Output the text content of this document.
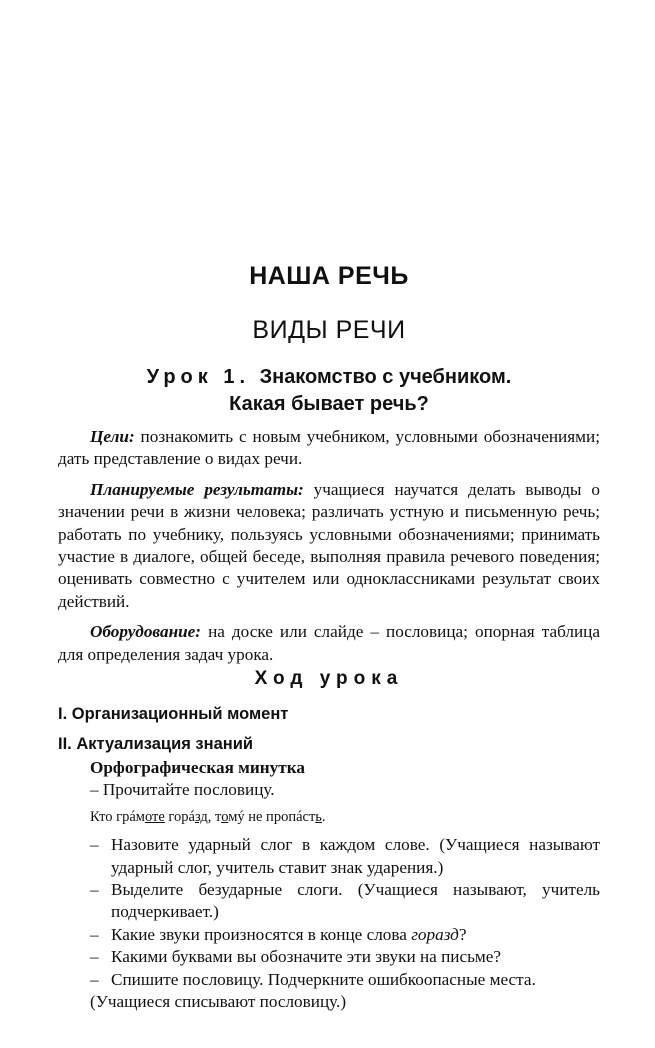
НАША РЕЧЬ
ВИДЫ РЕЧИ
Урок 1. Знакомство с учебником.
Какая бывает речь?

Цели: познакомить с новым учебником, условными обозначениями; дать представление о видах речи.

Планируемые результаты: учащиеся научатся делать выводы о значении речи в жизни человека; различать устную и письменную речь; работать по учебнику, пользуясь условными обозначениями; принимать участие в диалоге, общей беседе, выполняя правила речевого поведения; оценивать совместно с учителем или одноклассниками результат своих действий.

Оборудование: на доске или слайде – пословица; опорная таблица для определения задач урока.

Ход урока
I. Организационный момент
II. Актуализация знаний
Орфографическая минутка
– Прочитайте пословицу.
Кто грáмоте горáзд, томý не прoпáсть.
– Назовите ударный слог в каждом слове. (Учащиеся называют ударный слог, учитель ставит знак ударения.)
– Выделите безударные слоги. (Учащиеся называют, учитель подчеркивает.)
– Какие звуки произносятся в конце слова горазд?
– Какими буквами вы обозначите эти звуки на письме?
– Спишите пословицу. Подчеркните ошибкоопасные места.
(Учащиеся списывают пословицу.)
